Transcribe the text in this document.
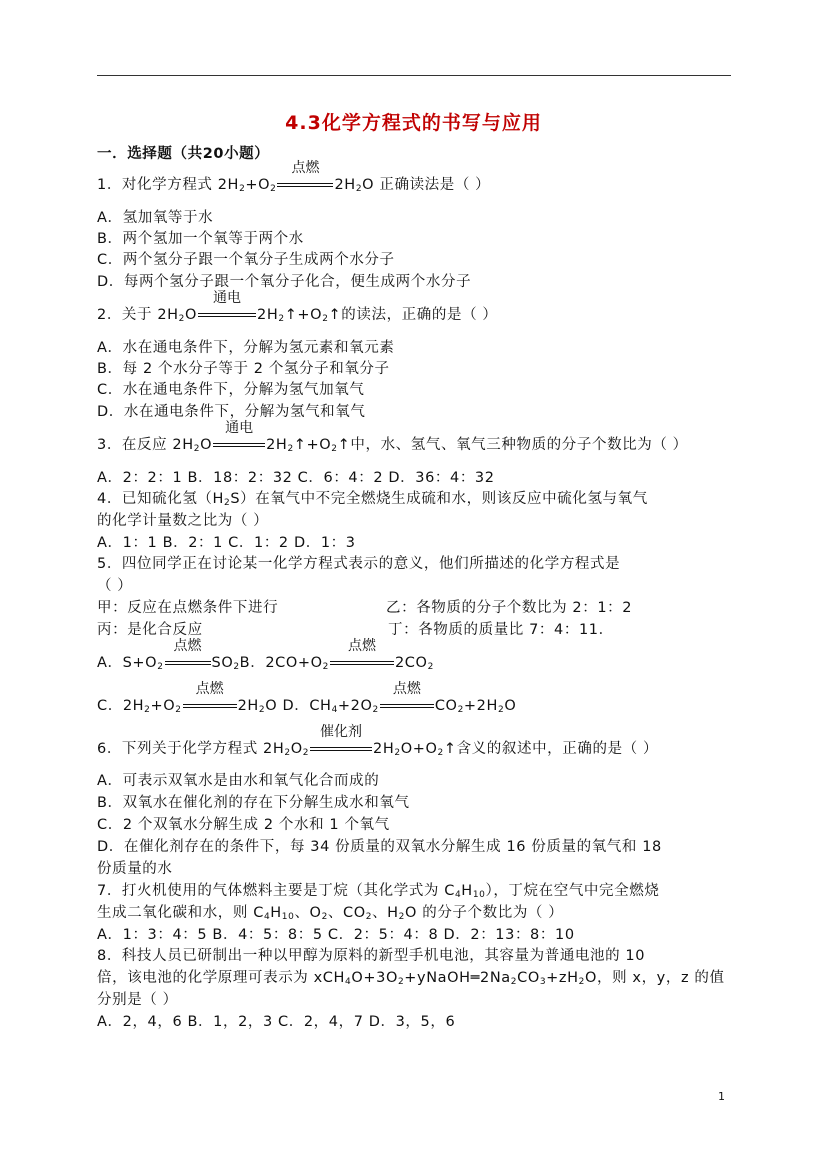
4.3化学方程式的书写与应用
一．选择题（共20小题）
1．对化学方程式 $2H_2+O_2$
点燃
$2H_2O$ 正确读法是（ ）
A．氢加氧等于水
B．两个氢加一个氧等于两个水
C．两个氢分子跟一个氧分子生成两个水分子
D．每两个氢分子跟一个氧分子化合，便生成两个水分子
2．关于 $2H_2O$
通电
$2H_2↑+O_2↑$的读法，正确的是（ ）
A．水在通电条件下，分解为氢元素和氧元素
B．每 2 个水分子等于 2 个氢分子和氧分子
C．水在通电条件下，分解为氢气加氧气
D．水在通电条件下，分解为氢气和氧气
3．在反应 $2H_2O$
通电
$2H_2↑+O_2↑$中，水、氢气、氧气三种物质的分子个数比为（ ）
A．2：2：1 B．18：2：32 C．6：4：2 D．36：4：32
4．已知硫化氢$(H_2S)$在氧气中不完全燃烧生成硫和水，则该反应中硫化氢与氧气
的化学计量数之比为（ ）
A．1：1 B．2：1 C．1：2 D．1：3
5．四位同学正在讨论某一化学方程式表示的意义，他们所描述的化学方程式是
（ ）
甲：反应在点燃条件下进行	乙：各物质的分子个数比为 2：1：2
丙：是化合反应	丁：各物质的质量比 7：4：11．
A．$S+O_2$
点燃
$SO_2B$．$2CO+O_2$
点燃
$2CO_2$
C．$2H_2+O_2$
点燃
$2H_2O$ D．$CH_4+2O_2$
点燃
$CO_2+2H_2O$
6．下列关于化学方程式 $2H_2O_2$
催化剂
$2H_2O+O_2↑$含义的叙述中，正确的是（ ）
A．可表示双氧水是由水和氧气化合而成的
B．双氧水在催化剂的存在下分解生成水和氧气
C．2 个双氧水分解生成 2 个水和 1 个氧气
D．在催化剂存在的条件下，每 34 份质量的双氧水分解生成 16 份质量的氧气和 18
份质量的水
7．打火机使用的气体燃料主要是丁烷（其化学式为 $C_4H_{10}$），丁烷在空气中完全燃烧
生成二氧化碳和水，则 $C_4H_{10}$、$O_2$、$CO_2$、$H_2O$ 的分子个数比为（ ）
A．1：3：4：5 B．4：5：8：5 C．2：5：4：8 D．2：13：8：10
8．科技人员已研制出一种以甲醇为原料的新型手机电池，其容量为普通电池的 10
倍，该电池的化学原理可表示为 $xCH_4O+3O_2+yNaOH═2Na_2CO_3+zH_2O$，则 x，y，z 的值
分别是（ ）
A．2，4，6 B．1，2，3 C．2，4，7 D．3，5，6
1
